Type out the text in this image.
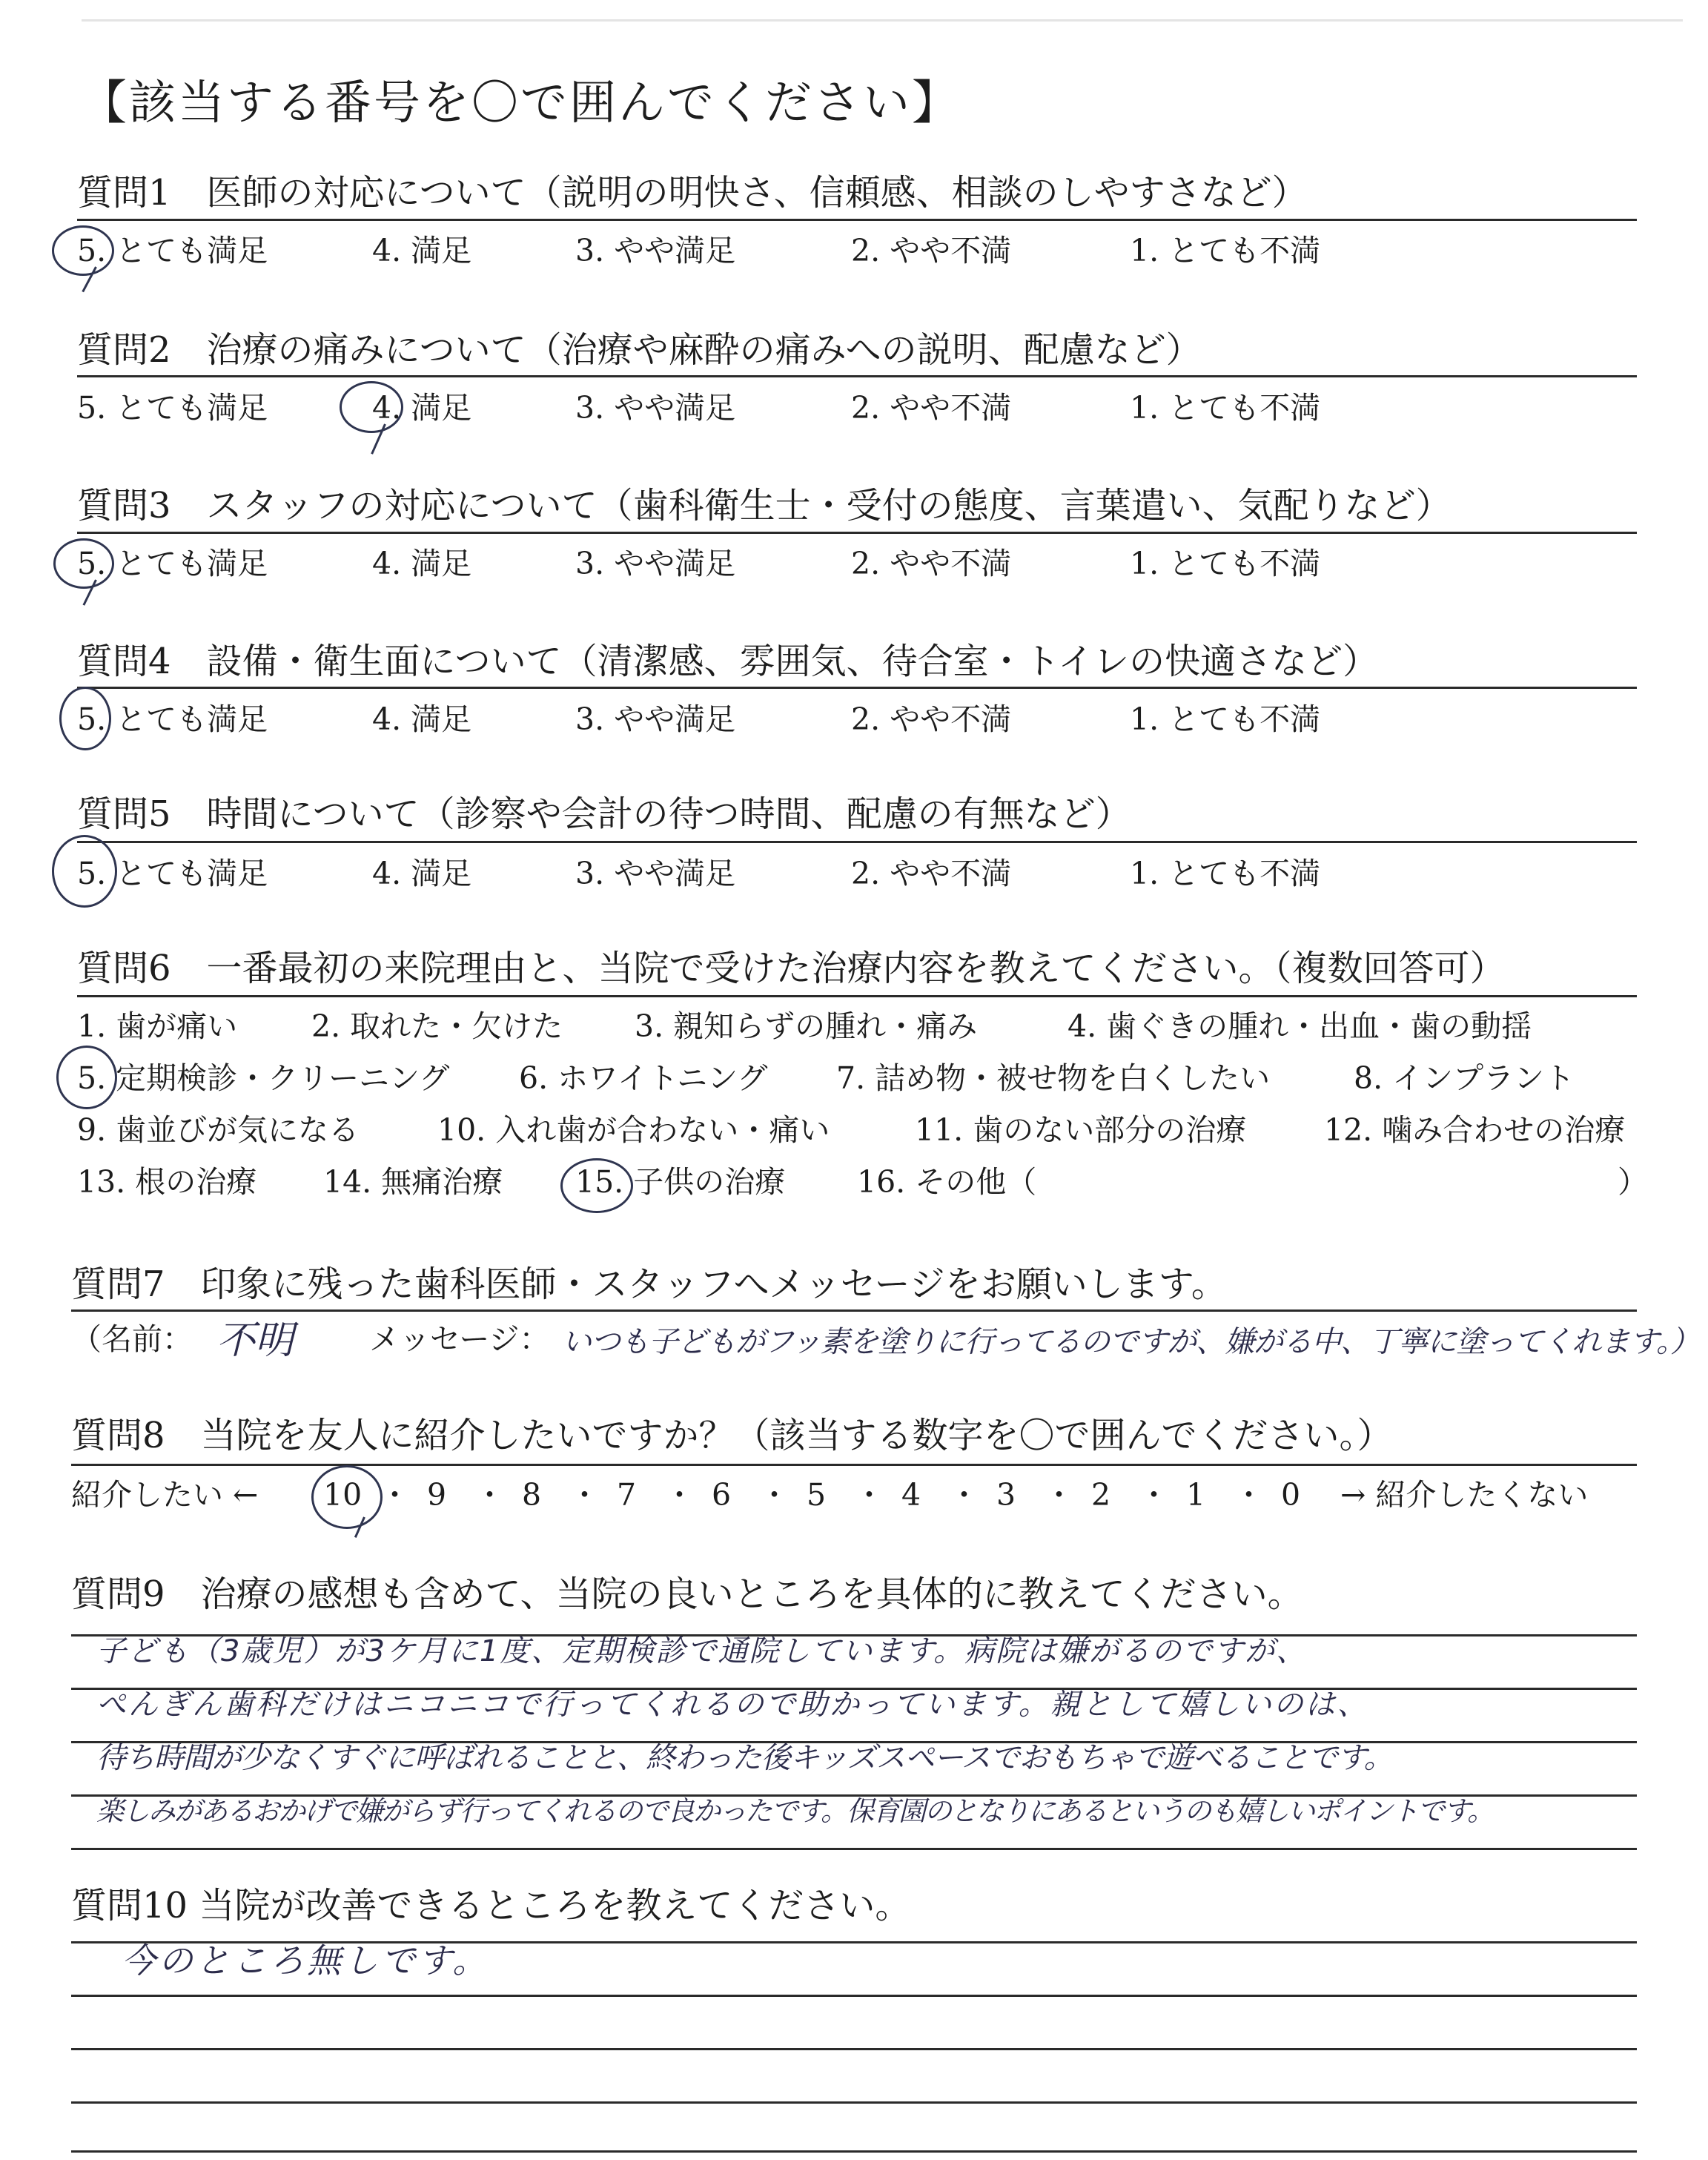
【該当する番号を〇で囲んでください】
質問1　医師の対応について（説明の明快さ、信頼感、相談のしやすさなど）
5. とても満足	4. 満足	3. やや満足	2. やや不満	1. とても不満
質問2　治療の痛みについて（治療や麻酔の痛みへの説明、配慮など）
5. とても満足	4. 満足	3. やや満足	2. やや不満	1. とても不満
質問3　スタッフの対応について（歯科衛生士・受付の態度、言葉遣い、気配りなど）
5. とても満足	4. 満足	3. やや満足	2. やや不満	1. とても不満
質問4　設備・衛生面について（清潔感、雰囲気、待合室・トイレの快適さなど）
5. とても満足	4. 満足	3. やや満足	2. やや不満	1. とても不満
質問5　時間について（診察や会計の待つ時間、配慮の有無など）
5. とても満足	4. 満足	3. やや満足	2. やや不満	1. とても不満
質問6　一番最初の来院理由と、当院で受けた治療内容を教えてください。（複数回答可）
1. 歯が痛い 2. 取れた・欠けた 3. 親知らずの腫れ・痛み	4. 歯ぐきの腫れ・出血・歯の動揺
5. 定期検診・クリーニング 6. ホワイトニング 7. 詰め物・被せ物を白くしたい	8. インプラント
9. 歯並びが気になる	10. 入れ歯が合わない・痛い	11. 歯のない部分の治療	12. 噛み合わせの治療
13. 根の治療 14. 無痛治療 15. 子供の治療 16. その他（	）
質問7　印象に残った歯科医師・スタッフへメッセージをお願いします。
（名前： 不明 メッセージ： いつも子どもがフッ素を塗りに行ってるのですが、嫌がる中、丁寧に塗ってくれます。）
質問8　当院を友人に紹介したいですか？（該当する数字を〇で囲んでください。）
紹介したい ←	→ 紹介したくない
10 ・ 9 ・ 8 ・ 7 ・ 6 ・ 5 ・ 4 ・ 3 ・ 2 ・ 1 ・ 0
質問9　治療の感想も含めて、当院の良いところを具体的に教えてください。
子ども（3歳児）が3ケ月に1度、定期検診で通院しています。病院は嫌がるのですが、
ぺんぎん歯科だけはニコニコで行ってくれるので助かっています。親として嬉しいのは、
待ち時間が少なくすぐに呼ばれることと、終わった後キッズスペースでおもちゃで遊べることです。
楽しみがあるおかげで嫌がらず行ってくれるので良かったです。保育園のとなりにあるというのも嬉しいポイントです。
質問10 当院が改善できるところを教えてください。
今のところ無しです。
